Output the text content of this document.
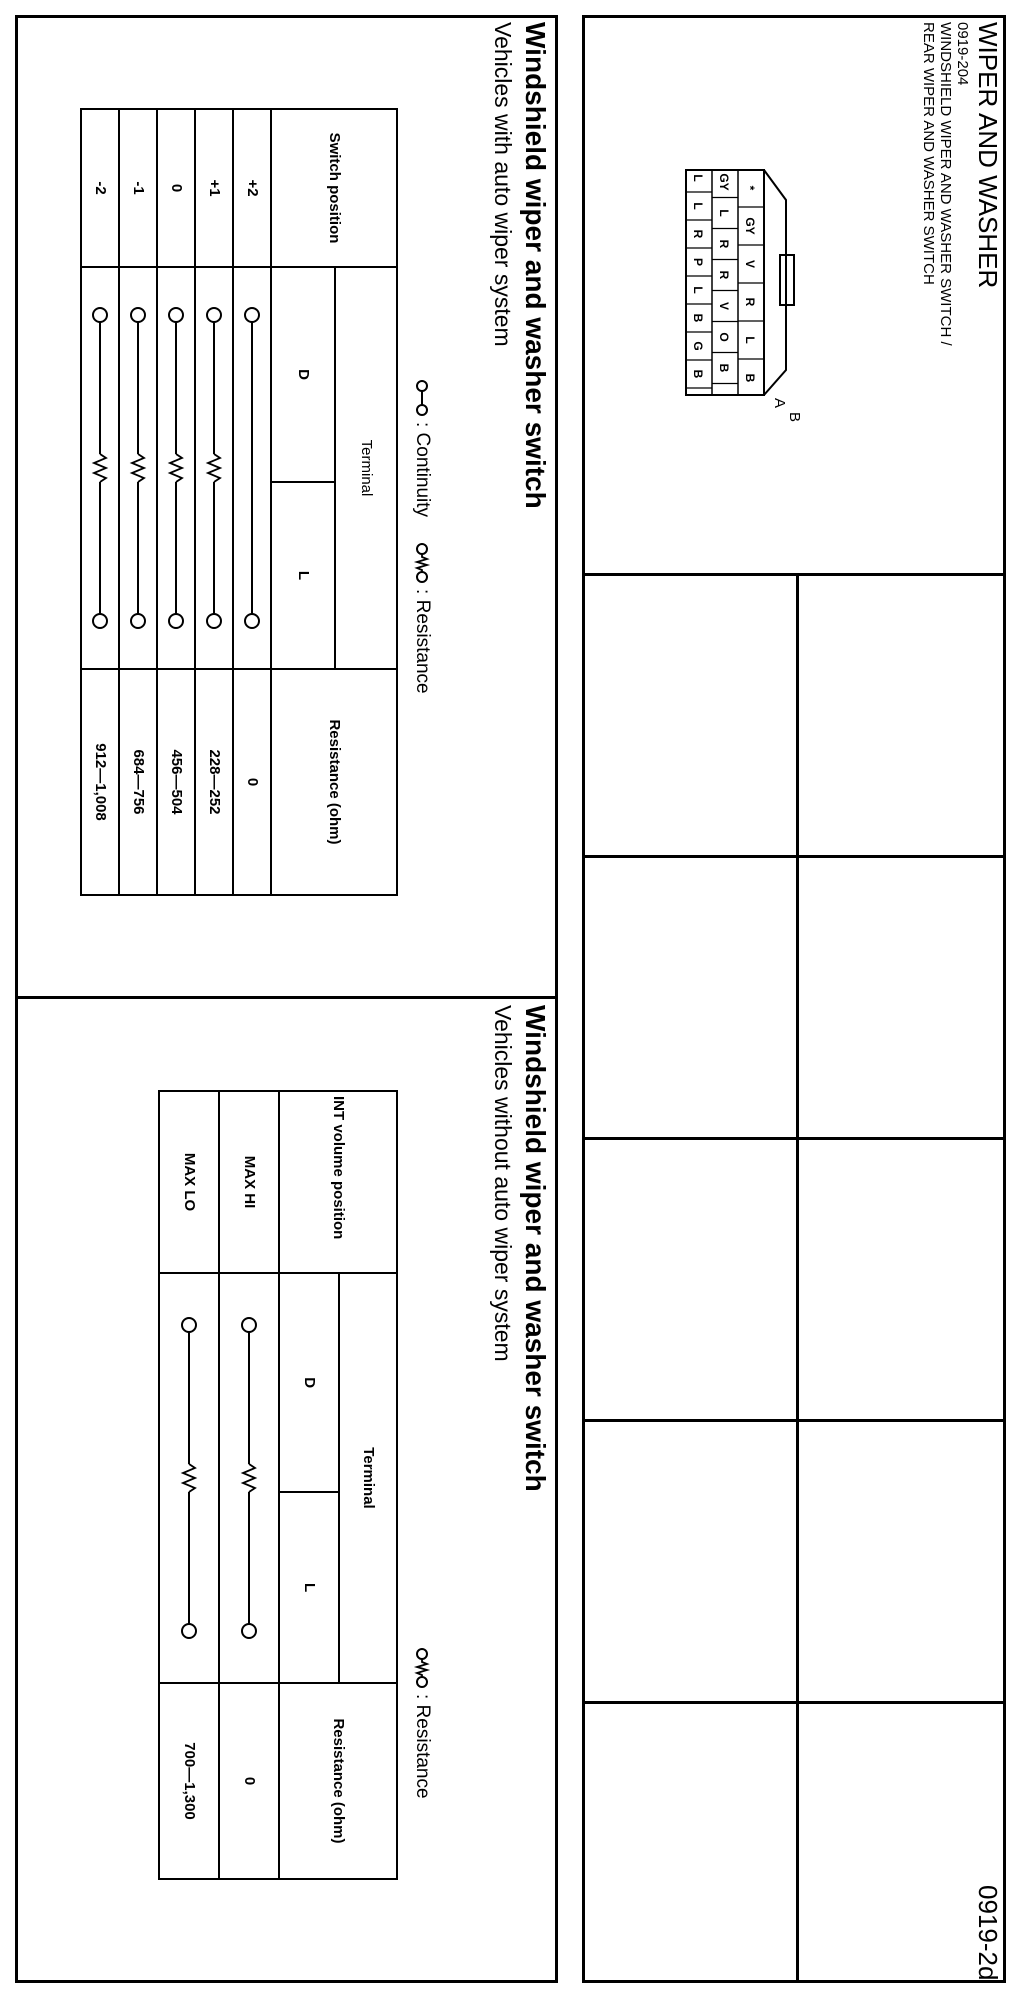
WIPER AND WASHER
0919-2d
0919-204
WINDSHIELD WIPER AND WASHER SWITCH /
REAR WIPER AND WASHER SWITCH
*
GY
V
R
L
B
GY
L
R
R
V
O
B
L
L
R
P
L
B
G
B
A
B
Windshield wiper and washer switch
Vehicles with auto wiper system
: Continuity
: Resistance
Switch position	Terminal		Resistance (ohm)
	D	L	
+2			0
+1			228—252
0			456—504
-1			684—756
-2			912—1,008
Windshield wiper and washer switch
Vehicles without auto wiper system
: Resistance
INT volume position	Terminal		Resistance (ohm)
	D	L	
MAX HI			0
MAX LO			700—1,300
